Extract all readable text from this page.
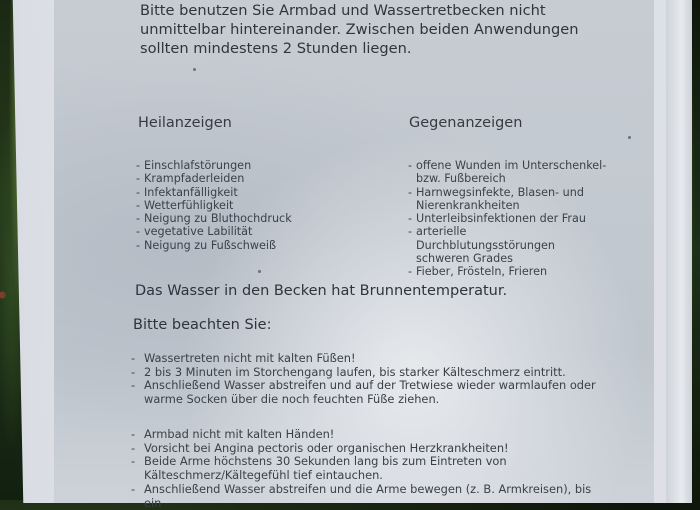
Bitte benutzen Sie Armbad und Wassertretbecken nicht
unmittelbar hintereinander. Zwischen beiden Anwendungen
sollten mindestens 2 Stunden liegen.
Heilanzeigen
- Einschlafstörungen
- Krampfaderleiden
- Infektanfälligkeit
- Wetterfühligkeit
- Neigung zu Bluthochdruck
- vegetative Labilität
- Neigung zu Fußschweiß
Gegenanzeigen
- offene Wunden im Unterschenkel- bzw. Fußbereich
- Harnwegsinfekte, Blasen- und Nierenkrankheiten
- Unterleibsinfektionen der Frau
- arterielle Durchblutungsstörungen schweren Grades
- Fieber, Frösteln, Frieren
Das Wasser in den Becken hat Brunnentemperatur.
Bitte beachten Sie:
- Wassertreten nicht mit kalten Füßen!
- 2 bis 3 Minuten im Storchengang laufen, bis starker Kälteschmerz eintritt.
- Anschließend Wasser abstreifen und auf der Tretwiese wieder warmlaufen oder warme Socken über die noch feuchten Füße ziehen.
- Armbad nicht mit kalten Händen!
- Vorsicht bei Angina pectoris oder organischen Herzkrankheiten!
- Beide Arme höchstens 30 Sekunden lang bis zum Eintreten von Kälteschmerz/Kältegefühl tief eintauchen.
- Anschließend Wasser abstreifen und die Arme bewegen (z. B. Armkreisen), bis ein
